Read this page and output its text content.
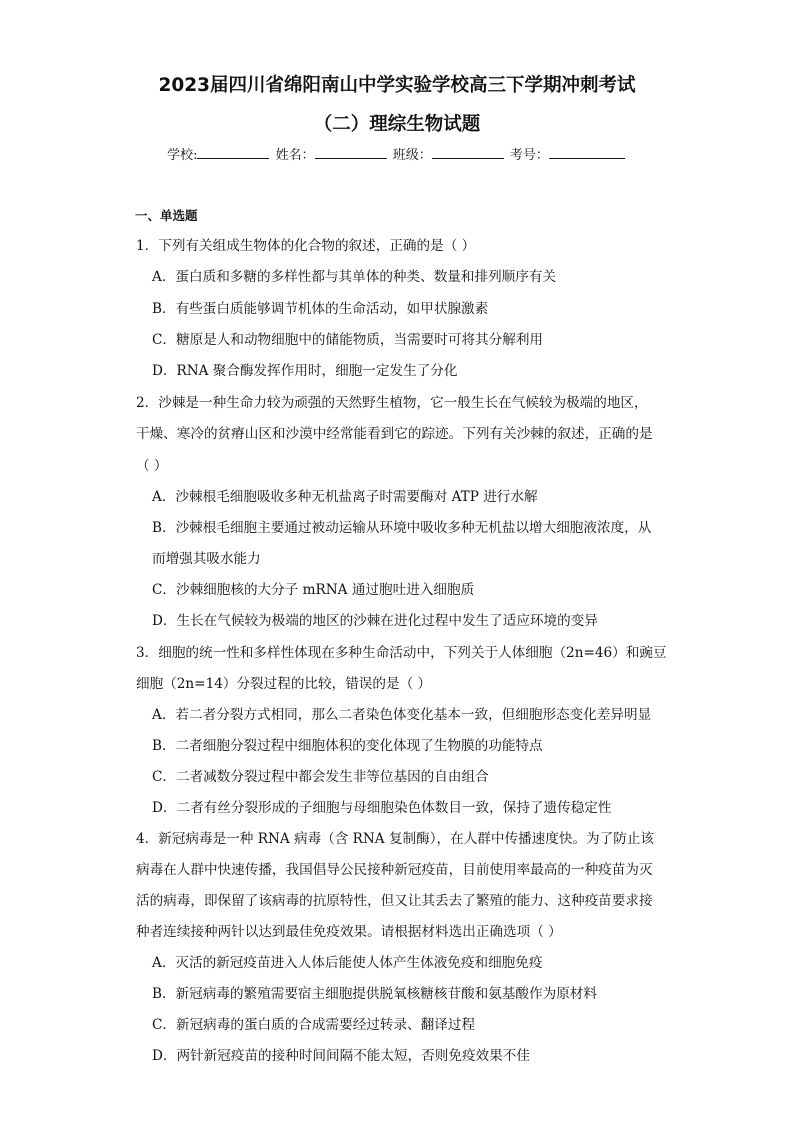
2023届四川省绵阳南山中学实验学校高三下学期冲刺考试
（二）理综生物试题
学校:	姓名：	班级：	考号：
一、单选题
1．下列有关组成生物体的化合物的叙述，正确的是（ ）
A．蛋白质和多糖的多样性都与其单体的种类、数量和排列顺序有关
B．有些蛋白质能够调节机体的生命活动，如甲状腺激素
C．糖原是人和动物细胞中的储能物质，当需要时可将其分解利用
D．RNA 聚合酶发挥作用时，细胞一定发生了分化
2．沙棘是一种生命力较为顽强的天然野生植物，它一般生长在气候较为极端的地区，
干燥、寒冷的贫瘠山区和沙漠中经常能看到它的踪迹。下列有关沙棘的叙述，正确的是
（ ）
A．沙棘根毛细胞吸收多种无机盐离子时需要酶对 ATP 进行水解
B．沙棘根毛细胞主要通过被动运输从环境中吸收多种无机盐以增大细胞液浓度，从
而增强其吸水能力
C．沙棘细胞核的大分子 mRNA 通过胞吐进入细胞质
D．生长在气候较为极端的地区的沙棘在进化过程中发生了适应环境的变异
3．细胞的统一性和多样性体现在多种生命活动中，下列关于人体细胞（2n=46）和豌豆
细胞（2n=14）分裂过程的比较，错误的是（ ）
A．若二者分裂方式相同，那么二者染色体变化基本一致，但细胞形态变化差异明显
B．二者细胞分裂过程中细胞体积的变化体现了生物膜的功能特点
C．二者减数分裂过程中都会发生非等位基因的自由组合
D．二者有丝分裂形成的子细胞与母细胞染色体数目一致，保持了遗传稳定性
4．新冠病毒是一种 RNA 病毒（含 RNA 复制酶），在人群中传播速度快。为了防止该
病毒在人群中快速传播，我国倡导公民接种新冠疫苗，目前使用率最高的一种疫苗为灭
活的病毒，即保留了该病毒的抗原特性，但又让其丢去了繁殖的能力、这种疫苗要求接
种者连续接种两针以达到最佳免疫效果。请根据材料选出正确选项（ ）
A．灭活的新冠疫苗进入人体后能使人体产生体液免疫和细胞免疫
B．新冠病毒的繁殖需要宿主细胞提供脱氧核糖核苷酸和氨基酸作为原材料
C．新冠病毒的蛋白质的合成需要经过转录、翻译过程
D．两针新冠疫苗的接种时间间隔不能太短，否则免疫效果不佳
